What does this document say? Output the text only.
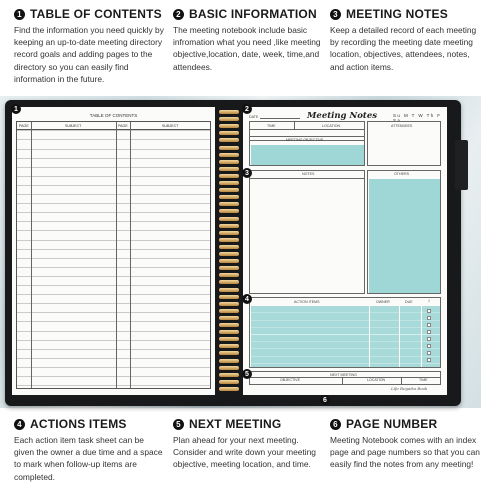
1 TABLE OF CONTENTS
Find the information you need quickly by keeping an up-to-date meeting directory record goals and adding pages to the directory so you can easily find information in the future.
2 BASIC INFORMATION
The meeting notebook include basic infromation what you need ,like meeting objective,location, date, week, time,and attendees.
3 MEETING NOTES
Keep a detailed record of each meeting by recording the meeting date meeting location, objectives, attendees, notes, and action items.
TABLE OF CONTENTS
PAGE	SUBJECT	PAGE	SUBJECT
DATE	Meeting Notes	Su M T W Th F Sa
TIME	LOCATION	ATTENDEES
MEETING OBJECTIVE
NOTES	OTHERS
ACTION ITEMS	OWNER	DUE	√
NEXT MEETING
OBJECTIVE	LOCATION	TIME
Life Regatta Book
1	2
3
4
5
6
4 ACTIONS ITEMS
Each action item task sheet can be given the owner a due time and a space to mark when follow-up items are completed.
5 NEXT MEETING
Plan ahead for your next meeting. Consider and write down your meeting objective, meeting location, and time.
6 PAGE NUMBER
Meeting Notebook comes with an index page and page numbers so that you can easily find the notes from any meeting!
